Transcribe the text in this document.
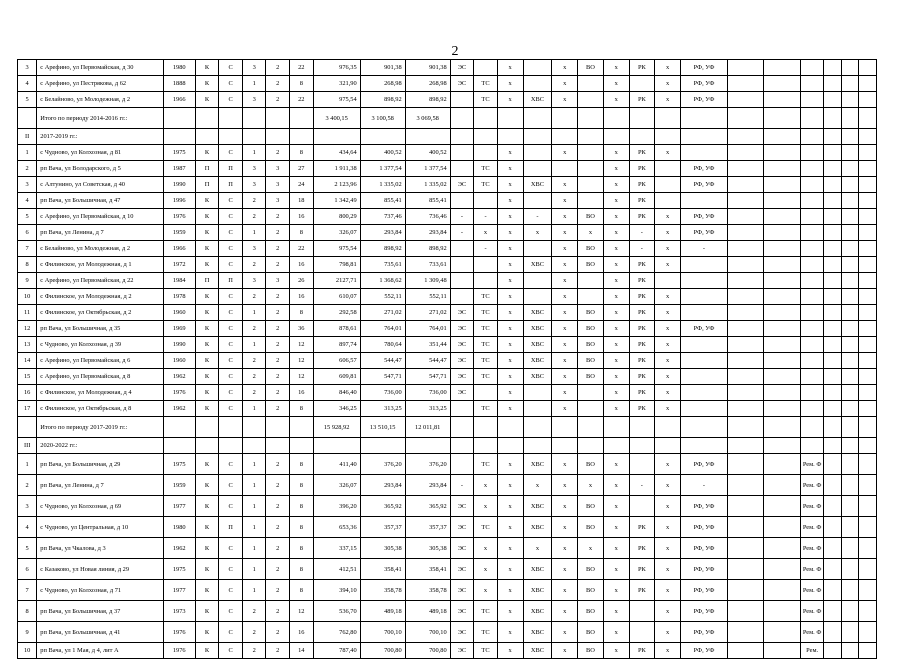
2
3	с Арефино, ул Первомайская, д 30	1980	К	С	3	2	22	976,35	901,38	901,38	ЭС		х		х	ВО	х	РК	х	РФ, УФ						
4	с Арефино, ул Пестрякова, д 62	1888	К	С	1	2	8	321,90	268,98	268,98	ЭС	ТС	х		х		х		х	РФ, УФ						
5	с Белайново, ул Молодежная, д 2	1966	К	С	3	2	22	975,54	898,92	898,92		ТС	х	ХВС	х		х	РК	х	РФ, УФ						
	Итого по периоду 2014-2016 гг.:							3 400,15	3 100,58	3 069,58																
II	2017-2019 гг.:																									
1	с Чудново, ул Колхозная, д 81	1975	К	С	1	2	8	434,64	400,52	400,52			х		х		х	РК	х							
2	рп Вача, ул Володарского, д 5	1987	П	П	3	3	27	1 911,38	1 377,54	1 377,54		ТС	х				х	РК		РФ, УФ						
3	с Алтунино, ул Советская, д 40	1990	П	П	3	3	24	2 123,96	1 335,02	1 335,02	ЭС	ТС	х	ХВС	х		х	РК		РФ, УФ						
4	рп Вача, ул Большичная, д 47	1996	К	С	2	3	18	1 342,49	855,41	855,41			х		х		х	РК								
5	с Арефино, ул Первомайская, д 10	1976	К	С	2	2	16	800,29	737,46	736,46	-	-	х	-	х	ВО	х	РК	х	РФ, УФ						
6	рп Вача, ул Ленина, д 7	1959	К	С	1	2	8	326,07	293,84	293,84	-	х	х	х	х	х	х	-	х	РФ, УФ						
7	с Белайново, ул Молодежная, д 2	1966	К	С	3	2	22	975,54	898,92	898,92		-	х		х	ВО	х	-	х	-						
8	с Филинское, ул Молодежная, д 1	1972	К	С	2	2	16	798,81	735,61	733,61			х	ХВС	х	ВО	х	РК	х							
9	с Арефино, ул Первомайская, д 22	1984	П	П	3	3	26	2127,71	1 368,62	1 309,48			х		х		х	РК								
10	с Филинское, ул Молодежная, д 2	1978	К	С	2	2	16	610,07	552,11	552,11		ТС	х		х		х	РК	х							
11	с Филинское, ул Октябрьская, д 2	1960	К	С	1	2	8	292,58	271,02	271,02	ЭС	ТС	х	ХВС	х	ВО	х	РК	х							
12	рп Вача, ул Большичная, д 35	1969	К	С	2	2	36	878,61	764,01	764,01	ЭС	ТС	х	ХВС	х	ВО	х	РК	х	РФ, УФ						
13	с Чудново, ул Колхозная, д 39	1990	К	С	1	2	12	897,74	780,64	351,44	ЭС	ТС	х	ХВС	х	ВО	х	РК	х							
14	с Арефино, ул Первомайская, д 6	1960	К	С	2	2	12	606,57	544,47	544,47	ЭС	ТС	х	ХВС	х	ВО	х	РК	х							
15	с Арефино, ул Первомайская, д 8	1962	К	С	2	2	12	609,81	547,71	547,71	ЭС	ТС	х	ХВС	х	ВО	х	РК	х							
16	с Филинское, ул Молодежная, д 4	1976	К	С	2	2	16	846,40	736,00	736,00	ЭС		х		х		х	РК	х							
17	с Филинское, ул Октябрьская, д 8	1962	К	С	1	2	8	346,25	313,25	313,25		ТС	х		х		х	РК	х							
	Итого по периоду 2017-2019 гг.:							15 928,92	13 510,15	12 011,81																
III	2020-2022 гг.:																									
1	рп Вача, ул Большичная, д 29	1975	К	С	1	2	8	411,40	376,20	376,20		ТС	х	ХВС	х	ВО	х		х	РФ, УФ			Рем. Ф			
2	рп Вача, ул Ленина, д 7	1959	К	С	1	2	8	326,07	293,84	293,84	-	х	х	х	х	х	х	-	х	-			Рем. Ф			
3	с Чудново, ул Колхозная, д 69	1977	К	С	1	2	8	396,20	365,92	365,92	ЭС	х	х	ХВС	х	ВО	х		х	РФ, УФ			Рем. Ф			
4	с Чудново, ул Центральная, д 10	1980	К	П	1	2	8	653,36	357,37	357,37	ЭС	ТС	х	ХВС	х	ВО	х	РК	х	РФ, УФ			Рем. Ф			
5	рп Вача, ул Чкалова, д 3	1962	К	С	1	2	8	337,15	305,38	305,38	ЭС	х	х	х	х	х	х	РК	х	РФ, УФ			Рем. Ф			
6	с Казаково, ул Новая линия, д 29	1975	К	С	1	2	8	412,51	358,41	358,41	ЭС	х	х	ХВС	х	ВО	х	РК	х	РФ, УФ			Рем. Ф			
7	с Чудново, ул Колхозная, д 71	1977	К	С	1	2	8	394,10	358,78	358,78	ЭС	х	х	ХВС	х	ВО	х	РК	х	РФ, УФ			Рем. Ф			
8	рп Вача, ул Большичная, д 37	1973	К	С	2	2	12	536,70	489,18	489,18	ЭС	ТС	х	ХВС	х	ВО	х		х	РФ, УФ			Рем. Ф			
9	рп Вача, ул Большичная, д 41	1976	К	С	2	2	16	762,80	700,10	700,10	ЭС	ТС	х	ХВС	х	ВО	х		х	РФ, УФ			Рем. Ф			
10	рп Вача, ул 1 Мая, д 4, лит А	1976	К	С	2	2	14	787,40	700,80	700,80	ЭС	ТС	х	ХВС	х	ВО	х	РК	х	РФ, УФ			Рем.			
